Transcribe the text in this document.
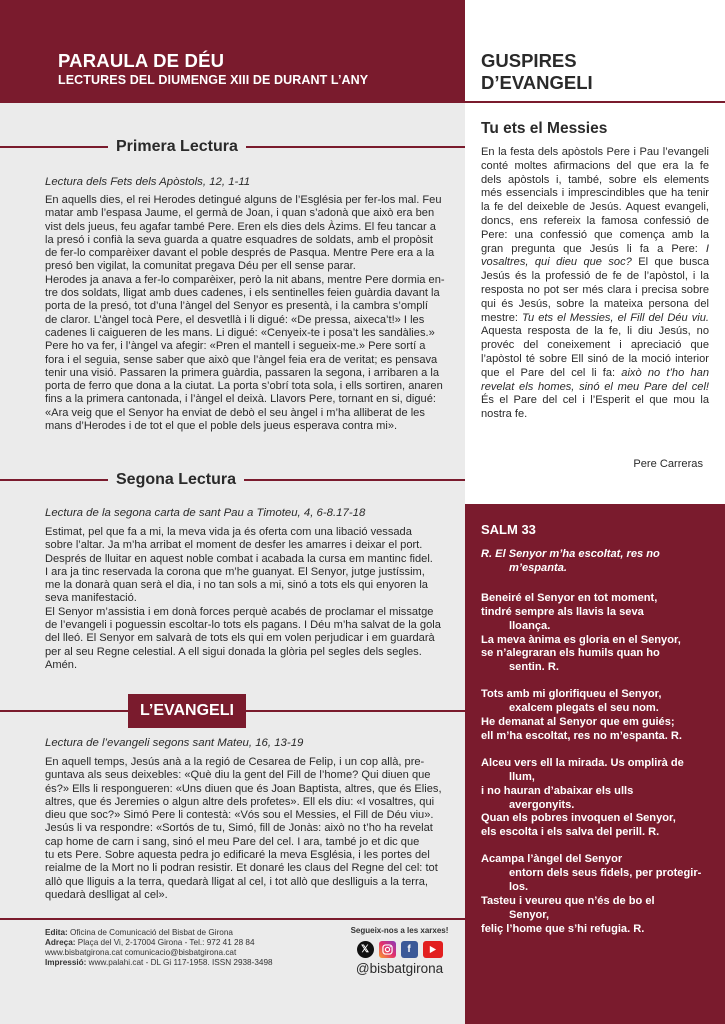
PARAULA DE DÉU
LECTURES DEL DIUMENGE XIII DE DURANT L’ANY
GUSPIRES
D’EVANGELI
Primera Lectura
Lectura dels Fets dels Apòstols, 12, 1-11
En aquells dies, el rei Herodes detingué alguns de l’Església per fer-los mal. Feu
matar amb l’espasa Jaume, el germà de Joan, i quan s’adonà que això era ben
vist dels jueus, feu agafar també Pere. Eren els dies dels Àzims. El feu tancar a
la presó i confià la seva guarda a quatre esquadres de soldats, amb el propòsit
de fer-lo comparèixer davant el poble després de Pasqua. Mentre Pere era a la
presó ben vigilat, la comunitat pregava Déu per ell sense parar.
Herodes ja anava a fer-lo comparèixer, però la nit abans, mentre Pere dormia en-
tre dos soldats, lligat amb dues cadenes, i els sentinelles feien guàrdia davant la
porta de la presó, tot d’una l’àngel del Senyor es presentà, i la cambra s’omplí
de claror. L’àngel tocà Pere, el desvetllà i li digué: «De pressa, aixeca’t!» I les
cadenes li caigueren de les mans. Li digué: «Cenyeix-te i posa’t les sandàlies.»
Pere ho va fer, i l’àngel va afegir: «Pren el mantell i segueix-me.» Pere sortí a
fora i el seguia, sense saber que això que l’àngel feia era de veritat; es pensava
tenir una visió. Passaren la primera guàrdia, passaren la segona, i arribaren a la
porta de ferro que dona a la ciutat. La porta s’obrí tota sola, i ells sortiren, anaren
fins a la primera cantonada, i l’àngel el deixà. Llavors Pere, tornant en si, digué:
«Ara veig que el Senyor ha enviat de debò el seu àngel i m’ha alliberat de les
mans d’Herodes i de tot el que el poble dels jueus esperava contra mi».
Segona Lectura
Lectura de la segona carta de sant Pau a Timoteu, 4, 6-8.17-18
Estimat, pel que fa a mi, la meva vida ja és oferta com una libació vessada
sobre l’altar. Ja m’ha arribat el moment de desfer les amarres i deixar el port.
Després de lluitar en aquest noble combat i acabada la cursa em mantinc fidel.
I ara ja tinc reservada la corona que m’he guanyat. El Senyor, jutge justíssim,
me la donarà quan serà el dia, i no tan sols a mi, sinó a tots els qui enyoren la
seva manifestació.
El Senyor m’assistia i em donà forces perquè acabés de proclamar el missatge
de l’evangeli i poguessin escoltar-lo tots els pagans. I Déu m’ha salvat de la gola
del lleó. El Senyor em salvarà de tots els qui em volen perjudicar i em guardarà
per al seu Regne celestial. A ell sigui donada la glòria pel segles dels segles.
Amén.
L’EVANGELI
Lectura de l’evangeli segons sant Mateu, 16, 13-19
En aquell temps, Jesús anà a la regió de Cesarea de Felip, i un cop allà, pre-
guntava als seus deixebles: «Què diu la gent del Fill de l’home? Qui diuen que
és?» Ells li respongueren: «Uns diuen que és Joan Baptista, altres, que és Elies,
altres, que és Jeremies o algun altre dels profetes». Ell els diu: «I vosaltres, qui
dieu que soc?» Simó Pere li contestà: «Vós sou el Messies, el Fill de Déu viu».
Jesús li va respondre: «Sortós de tu, Simó, fill de Jonàs: això no t’ho ha revelat
cap home de carn i sang, sinó el meu Pare del cel. I ara, també jo et dic que
tu ets Pere. Sobre aquesta pedra jo edificaré la meva Església, i les portes del
reialme de la Mort no li podran resistir. Et donaré les claus del Regne del cel: tot
allò que lliguis a la terra, quedarà lligat al cel, i tot allò que deslliguis a la terra,
quedarà deslligat al cel».
Tu ets el Messies
En la festa dels apòstols Pere i Pau l’evangeli conté moltes afirmacions del que era la fe dels apòstols i, també, sobre els elements més essencials i imprescindibles que ha tenir la fe del deixeble de Jesús. Aquest evangeli, doncs, ens refereix la famosa confessió de Pere: una confessió que comença amb la gran pregunta que Jesús li fa a Pere: I vosaltres, qui dieu que soc? El que busca Jesús és la professió de fe de l’apòstol, i la resposta no pot ser més clara i precisa sobre qui és Jesús, sobre la mateixa persona del mestre: Tu ets el Messies, el Fill del Déu viu. Aquesta resposta de la fe, li diu Jesús, no provéc del coneixement i apreciació que l’apòstol té sobre Ell sinó de la moció interior que el Pare del cel li fa: això no t’ho han revelat els homes, sinó el meu Pare del cel! És el Pare del cel i l’Esperit el que mou la nostra fe.
Pere Carreras
SALM 33
R. El Senyor m’ha escoltat, res no
m’espanta.
Beneiré el Senyor en tot moment,
tindré sempre als llavis la seva
lloança.
La meva ànima es gloria en el Senyor,
se n’alegraran els humils quan ho
sentin. R.
Tots amb mi glorifiqueu el Senyor,
exalcem plegats el seu nom.
He demanat al Senyor que em guiés;
ell m’ha escoltat, res no m’espanta. R.
Alceu vers ell la mirada. Us omplirà de
llum,
i no hauran d’abaixar els ulls
avergonyits.
Quan els pobres invoquen el Senyor,
els escolta i els salva del perill. R.
Acampa l’àngel del Senyor
entorn dels seus fidels, per protegir-
los.
Tasteu i veureu que n’és de bo el
Senyor,
feliç l’home que s’hi refugia. R.
Edita: Oficina de Comunicació del Bisbat de Girona
Adreça: Plaça del Vi, 2-17004 Girona - Tel.: 972 41 28 84
www.bisbatgirona.cat comunicacio@bisbatgirona.cat
Impressió: www.palahi.cat - DL Gi 117-1958. ISSN 2938-3498
Segueix-nos a les xarxes!
𝕏	f
@bisbatgirona
